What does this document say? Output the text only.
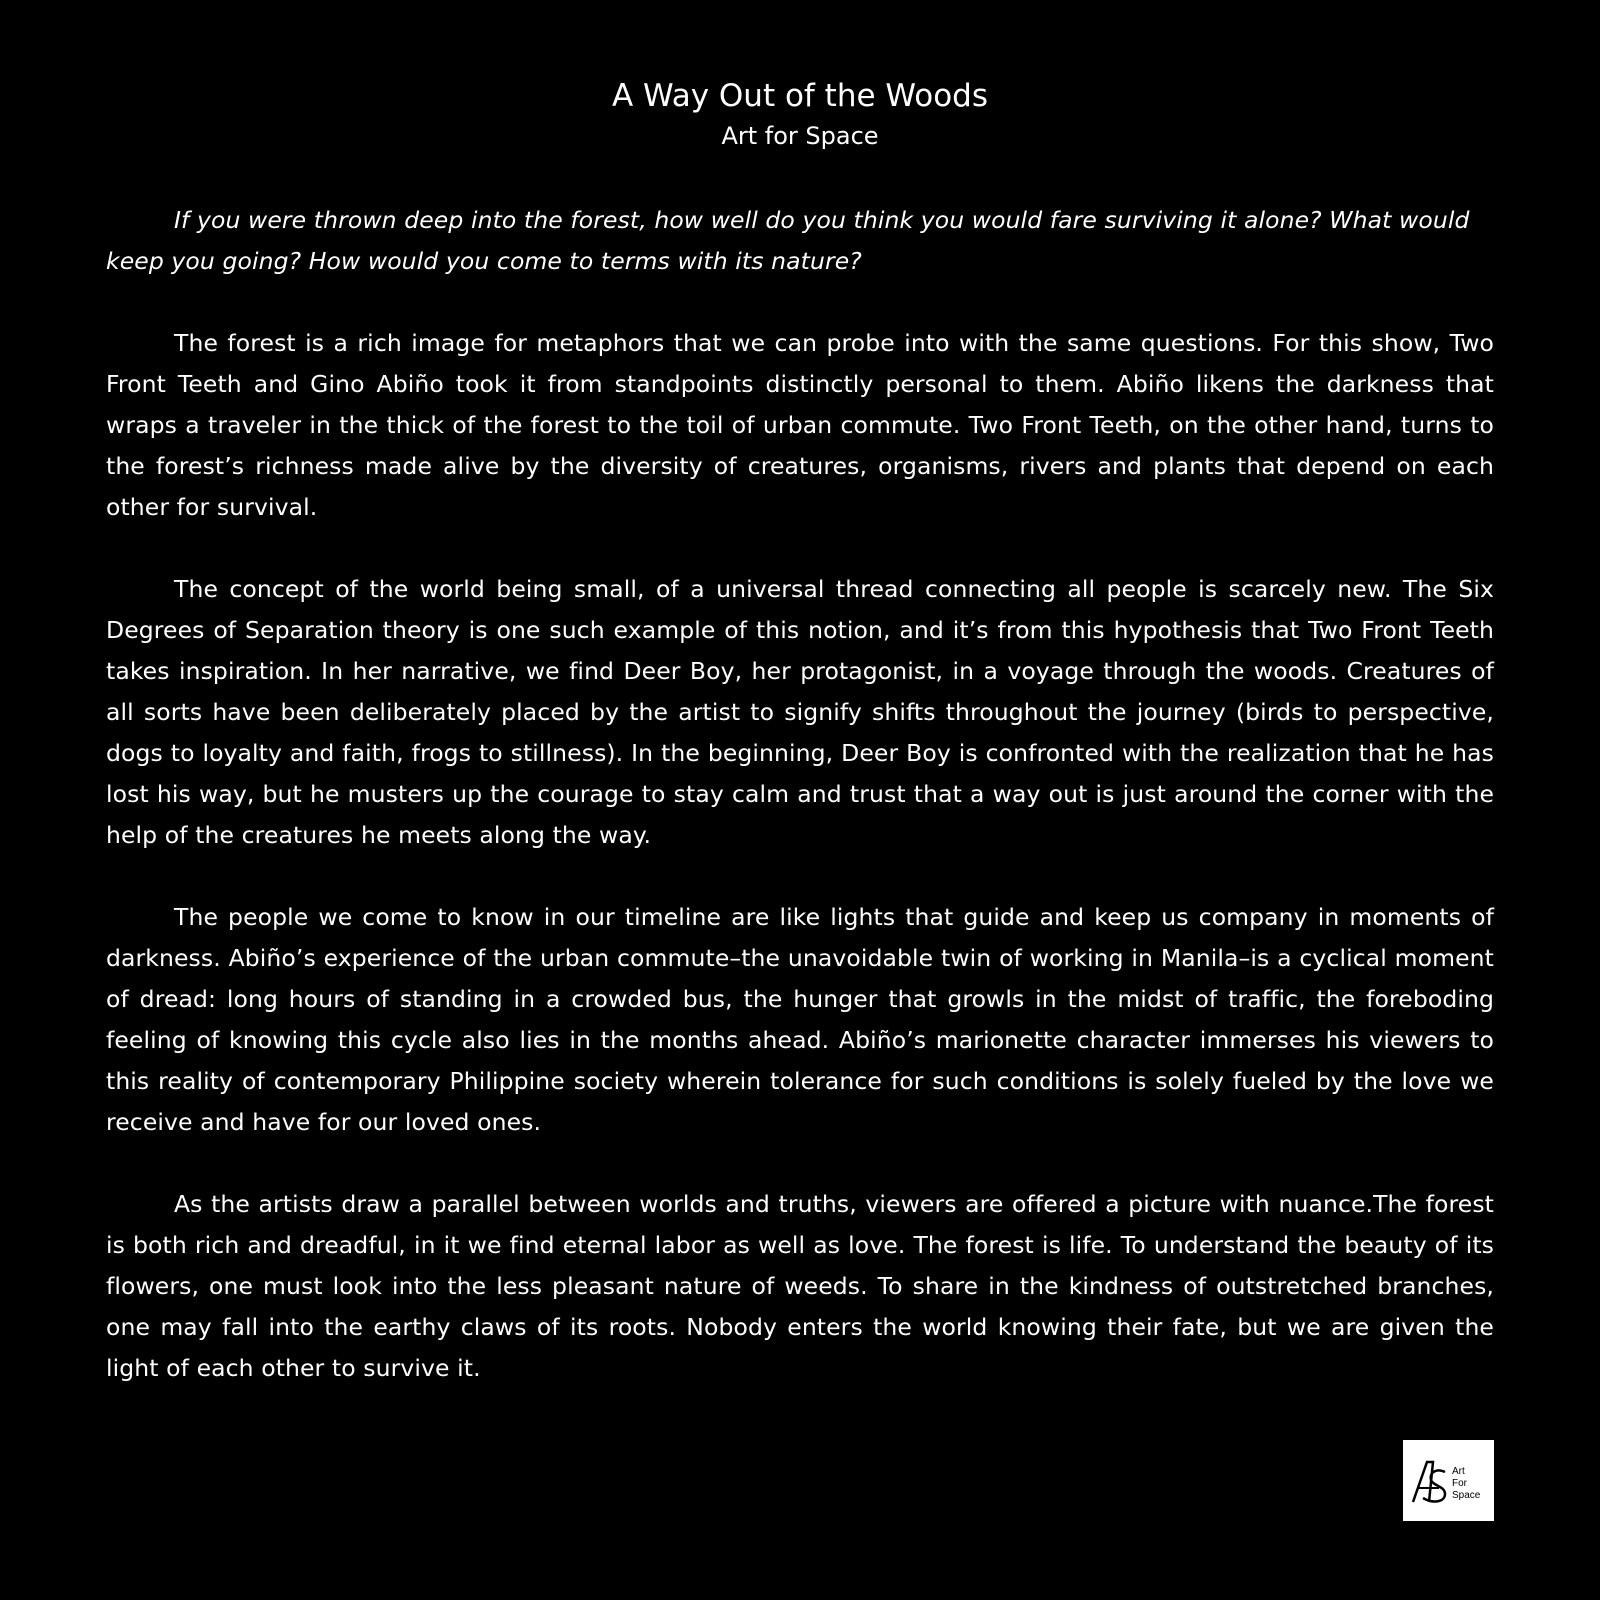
A Way Out of the Woods

Art for Space

If you were thrown deep into the forest, how well do you think you would fare surviving it alone? What would keep you going? How would you come to terms with its nature?

The forest is a rich image for metaphors that we can probe into with the same questions. For this show, Two Front Teeth and Gino Abiño took it from standpoints distinctly personal to them. Abiño likens the darkness that wraps a traveler in the thick of the forest to the toil of urban commute. Two Front Teeth, on the other hand, turns to the forest’s richness made alive by the diversity of creatures, organisms, rivers and plants that depend on each other for survival.

The concept of the world being small, of a universal thread connecting all people is scarcely new. The Six Degrees of Separation theory is one such example of this notion, and it’s from this hypothesis that Two Front Teeth takes inspiration. In her narrative, we find Deer Boy, her protagonist, in a voyage through the woods. Creatures of all sorts have been deliberately placed by the artist to signify shifts throughout the journey (birds to perspective, dogs to loyalty and faith, frogs to stillness). In the beginning, Deer Boy is confronted with the realization that he has lost his way, but he musters up the courage to stay calm and trust that a way out is just around the corner with the help of the creatures he meets along the way.

The people we come to know in our timeline are like lights that guide and keep us company in moments of darkness. Abiño’s experience of the urban commute–the unavoidable twin of working in Manila–is a cyclical moment of dread: long hours of standing in a crowded bus, the hunger that growls in the midst of traffic, the foreboding feeling of knowing this cycle also lies in the months ahead. Abiño’s marionette character immerses his viewers to this reality of contemporary Philippine society wherein tolerance for such conditions is solely fueled by the love we receive and have for our loved ones.

As the artists draw a parallel between worlds and truths, viewers are offered a picture with nuance.The forest is both rich and dreadful, in it we find eternal labor as well as love. The forest is life. To understand the beauty of its flowers, one must look into the less pleasant nature of weeds. To share in the kindness of outstretched branches, one may fall into the earthy claws of its roots. Nobody enters the world knowing their fate, but we are given the light of each other to survive it.

Art
For
Space
